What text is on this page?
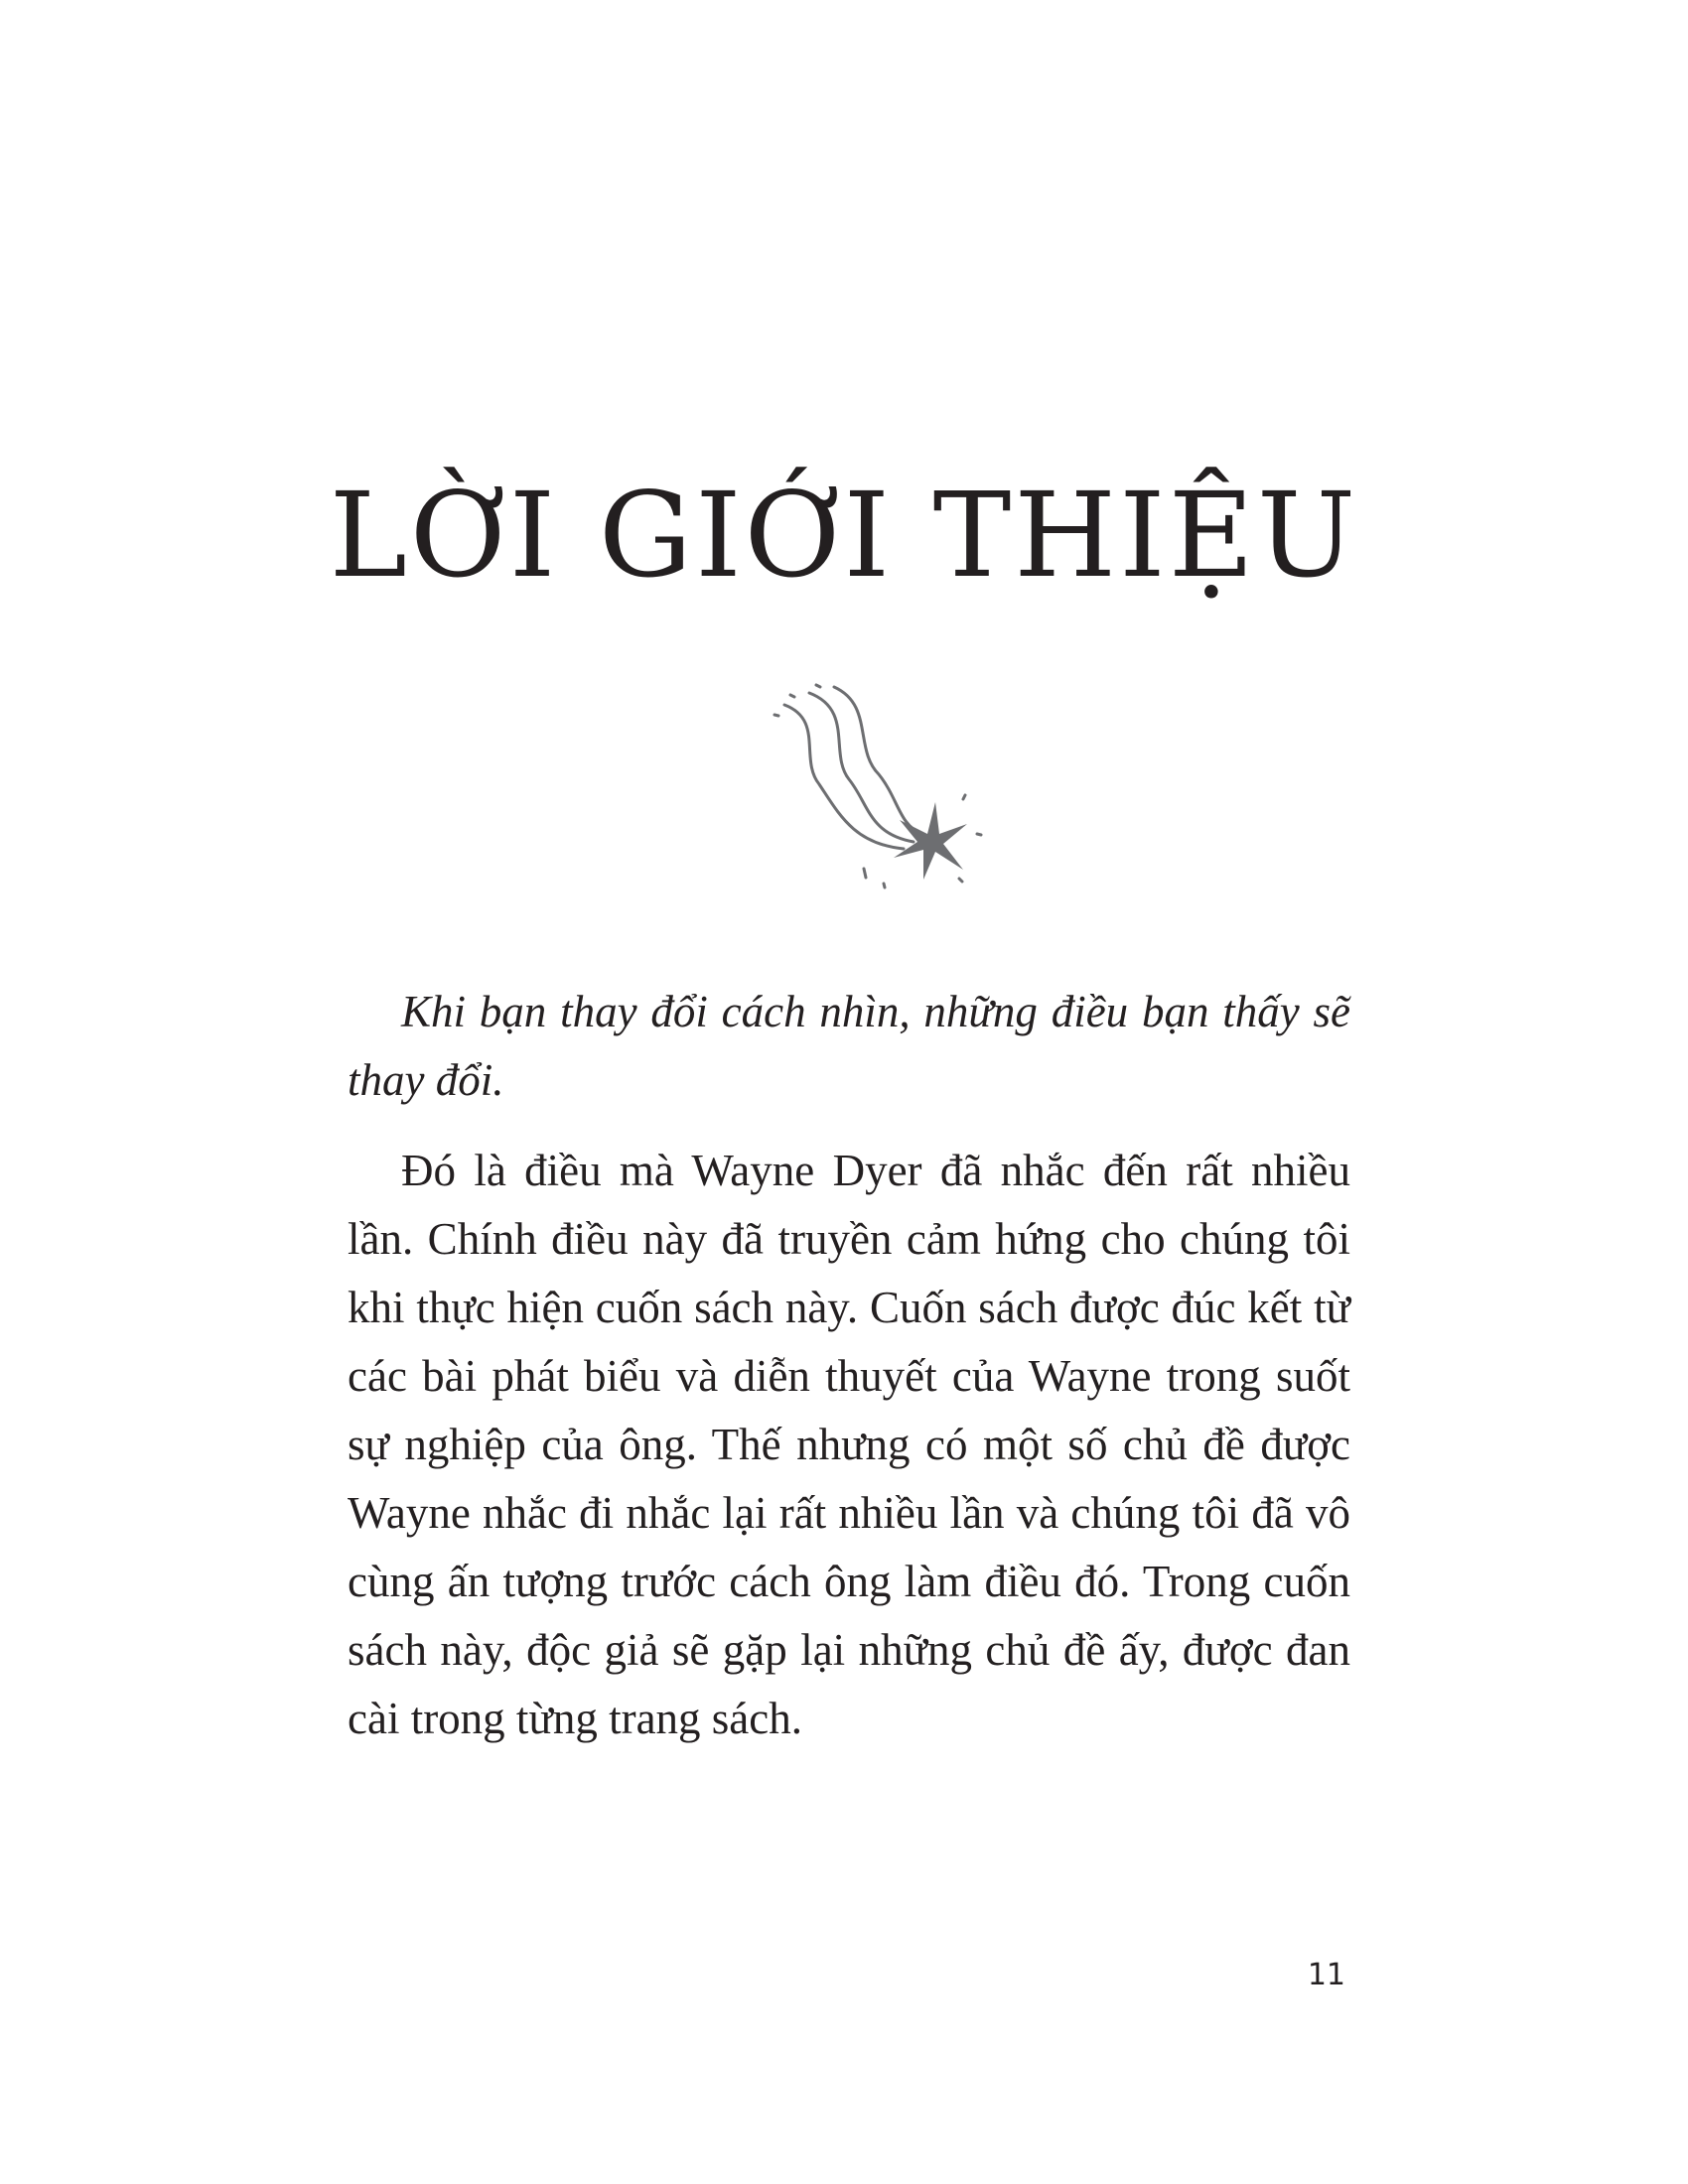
LỜI GIỚI THIỆU

Khi bạn thay đổi cách nhìn, những điều bạn thấy sẽ thay đổi.

Đó là điều mà Wayne Dyer đã nhắc đến rất nhiều lần. Chính điều này đã truyền cảm hứng cho chúng tôi khi thực hiện cuốn sách này. Cuốn sách được đúc kết từ các bài phát biểu và diễn thuyết của Wayne trong suốt sự nghiệp của ông. Thế nhưng có một số chủ đề được Wayne nhắc đi nhắc lại rất nhiều lần và chúng tôi đã vô cùng ấn tượng trước cách ông làm điều đó. Trong cuốn sách này, độc giả sẽ gặp lại những chủ đề ấy, được đan cài trong từng trang sách.

11
